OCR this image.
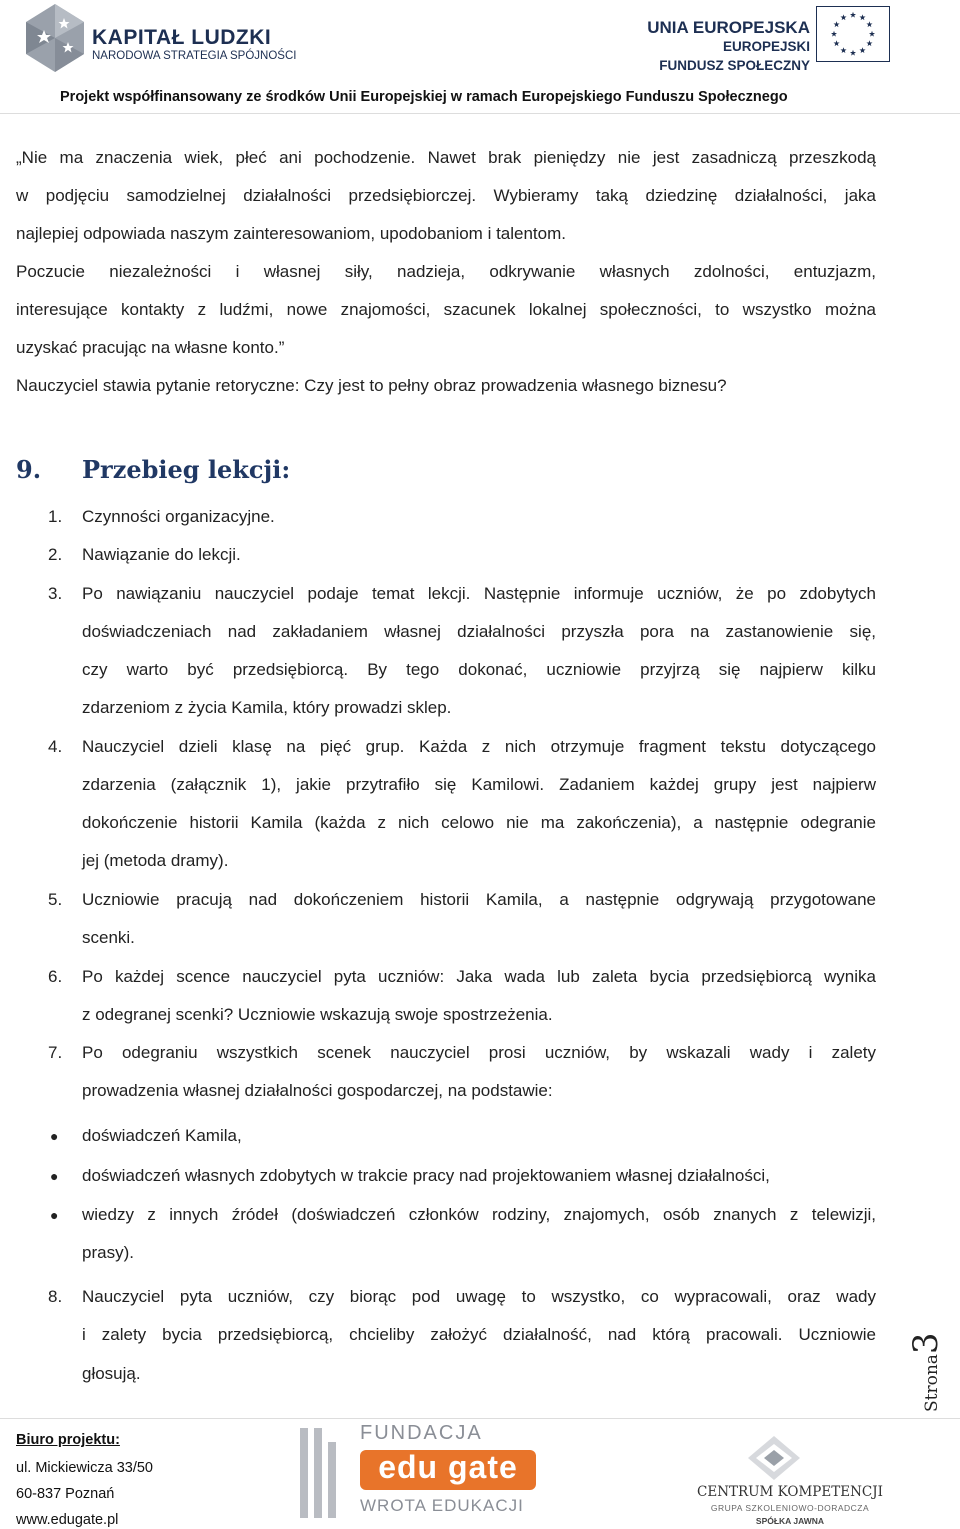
KAPITAŁ LUDZKI
NARODOWA STRATEGIA SPÓJNOŚCI
UNIA EUROPEJSKA
EUROPEJSKI
FUNDUSZ SPOŁECZNY
Projekt współfinansowany ze środków Unii Europejskiej w ramach Europejskiego Funduszu Społecznego
„Nie ma znaczenia wiek, płeć ani pochodzenie. Nawet brak pieniędzy nie jest zasadniczą przeszkodą
w podjęciu samodzielnej działalności przedsiębiorczej. Wybieramy taką dziedzinę działalności, jaka
najlepiej odpowiada naszym zainteresowaniom, upodobaniom i talentom.
Poczucie niezależności i własnej siły, nadzieja, odkrywanie własnych zdolności, entuzjazm,
interesujące kontakty z ludźmi, nowe znajomości, szacunek lokalnej społeczności, to wszystko można
uzyskać pracując na własne konto.”
Nauczyciel stawia pytanie retoryczne: Czy jest to pełny obraz prowadzenia własnego biznesu?
9. Przebieg lekcji:
1.	Czynności organizacyjne.
2.	Nawiązanie do lekcji.
3.	Po nawiązaniu nauczyciel podaje temat lekcji. Następnie informuje uczniów, że po zdobytych
doświadczeniach nad zakładaniem własnej działalności przyszła pora na zastanowienie się,
czy warto być przedsiębiorcą. By tego dokonać, uczniowie przyjrzą się najpierw kilku
zdarzeniom z życia Kamila, który prowadzi sklep.
4.	Nauczyciel dzieli klasę na pięć grup. Każda z nich otrzymuje fragment tekstu dotyczącego
zdarzenia (załącznik 1), jakie przytrafiło się Kamilowi. Zadaniem każdej grupy jest najpierw
dokończenie historii Kamila (każda z nich celowo nie ma zakończenia), a następnie odegranie
jej (metoda dramy).
5.	Uczniowie pracują nad dokończeniem historii Kamila, a następnie odgrywają przygotowane
scenki.
6.	Po każdej scence nauczyciel pyta uczniów: Jaka wada lub zaleta bycia przedsiębiorcą wynika
z odegranej scenki? Uczniowie wskazują swoje spostrzeżenia.
7.	Po odegraniu wszystkich scenek nauczyciel prosi uczniów, by wskazali wady i zalety
prowadzenia własnej działalności gospodarczej, na podstawie:
● doświadczeń Kamila,
● doświadczeń własnych zdobytych w trakcie pracy nad projektowaniem własnej działalności,
● wiedzy z innych źródeł (doświadczeń członków rodziny, znajomych, osób znanych z telewizji,
prasy).
8.	Nauczyciel pyta uczniów, czy biorąc pod uwagę to wszystko, co wypracowali, oraz wady
i zalety bycia przedsiębiorcą, chcieliby założyć działalność, nad którą pracowali. Uczniowie
głosują.	Strona3
Biuro projektu:
ul. Mickiewicza 33/50
60-837 Poznań
www.edugate.pl
FUNDACJA
edu gate
WROTA EDUKACJI
CENTRUM KOMPETENCJI
GRUPA SZKOLENIOWO-DORADCZA
SPÓŁKA JAWNA
